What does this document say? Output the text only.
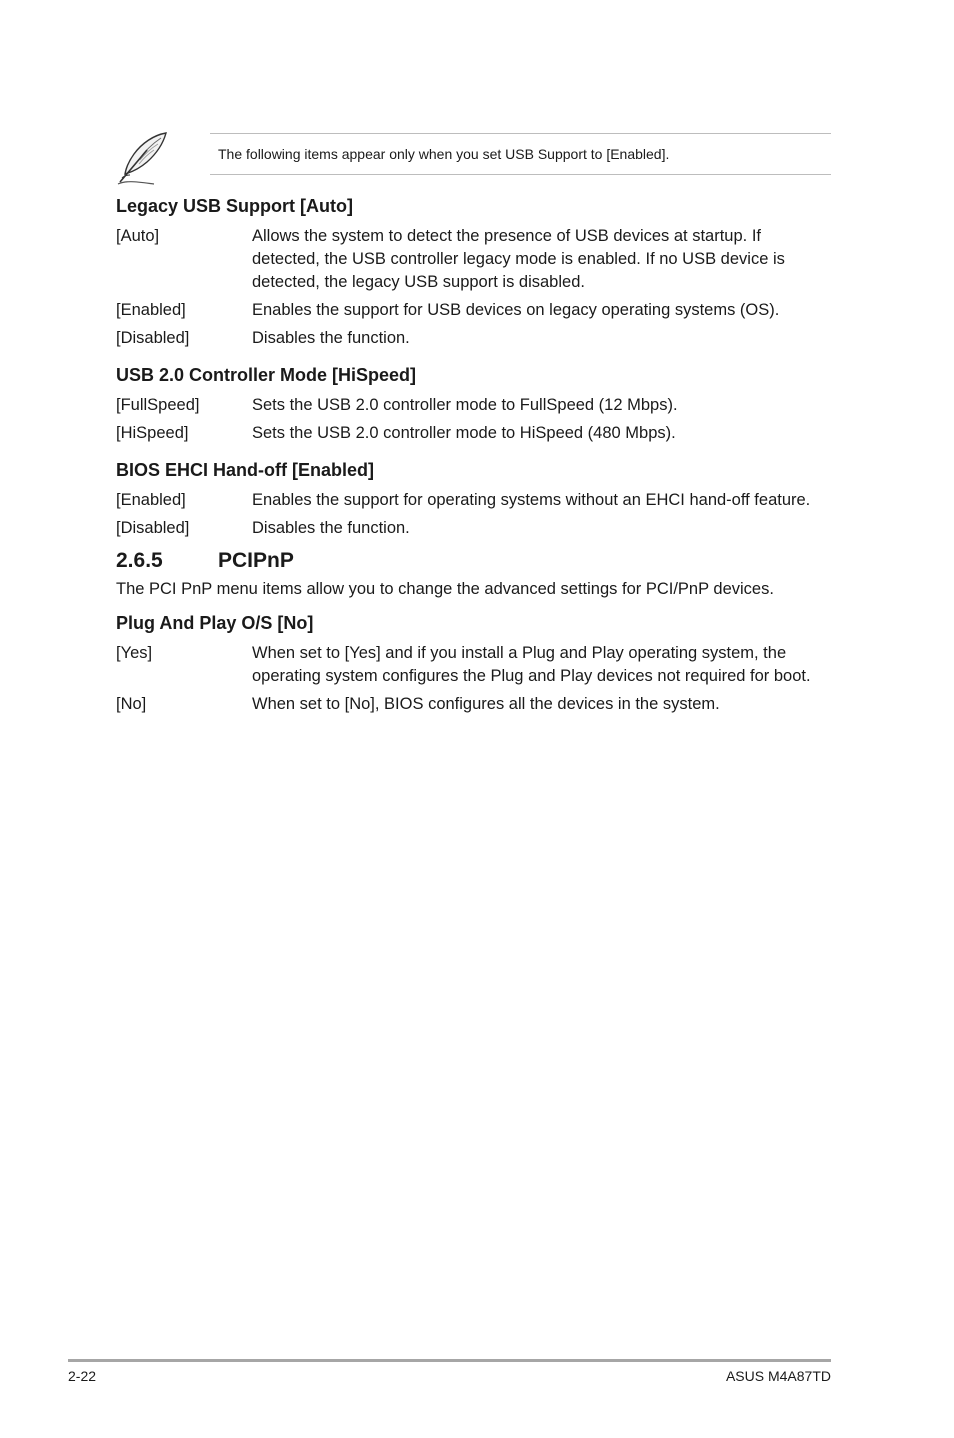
The following items appear only when you set USB Support to [Enabled].
Legacy USB Support [Auto]
[Auto]	Allows the system to detect the presence of USB devices at startup. If detected, the USB controller legacy mode is enabled. If no USB device is detected, the legacy USB support is disabled.
[Enabled]	Enables the support for USB devices on legacy operating systems (OS).
[Disabled]	Disables the function.
USB 2.0 Controller Mode [HiSpeed]
[FullSpeed]	Sets the USB 2.0 controller mode to FullSpeed (12 Mbps).
[HiSpeed]	Sets the USB 2.0 controller mode to HiSpeed (480 Mbps).
BIOS EHCI Hand-off [Enabled]
[Enabled]	Enables the support for operating systems without an EHCI hand-off feature.
[Disabled]	Disables the function.
2.6.5	PCIPnP
The PCI PnP menu items allow you to change the advanced settings for PCI/PnP devices.
Plug And Play O/S [No]
[Yes]	When set to [Yes] and if you install a Plug and Play operating system, the operating system configures the Plug and Play devices not required for boot.
[No]	When set to [No], BIOS configures all the devices in the system.
2-22	ASUS M4A87TD
